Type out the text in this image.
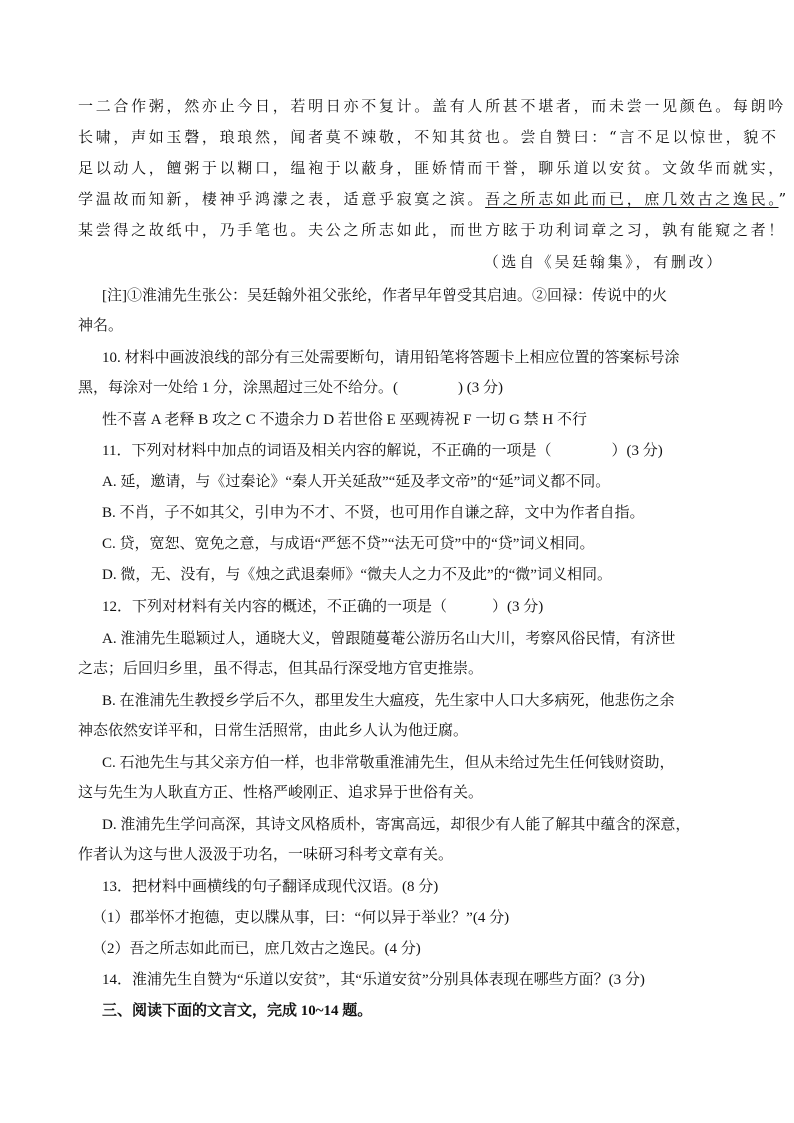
一二合作粥，然亦止今日，若明日亦不复计。盖有人所甚不堪者，而未尝一见颜色。每朗吟
长啸，声如玉磬，琅琅然，闻者莫不竦敬，不知其贫也。尝自赞曰：“言不足以惊世，貌不
足以动人，饘粥于以糊口，缊袍于以蔽身，匪娇情而干誉，聊乐道以安贫。文敛华而就实，
学温故而知新，棲神乎鸿濛之表，适意乎寂寞之滨。吾之所志如此而已，庶几效古之逸民。”
某尝得之故纸中，乃手笔也。夫公之所志如此，而世方眩于功利词章之习，孰有能窥之者！
（选自《吴廷翰集》，有删改）
[注]①淮浦先生张公：吴廷翰外祖父张纶，作者早年曾受其启迪。②回禄：传说中的火
神名。
10. 材料中画波浪线的部分有三处需要断句，请用铅笔将答题卡上相应位置的答案标号涂
黑，每涂对一处给 1 分，涂黑超过三处不给分。(　　　　) (3 分)
性不喜 A 老释 B 攻之 C 不遗余力 D 若世俗 E 巫觋祷祝 F 一切 G 禁 H 不行
11．下列对材料中加点的词语及相关内容的解说，不正确的一项是（　　　　）(3 分)
A. 延，邀请，与《过秦论》“秦人开关延敌”“延及孝文帝”的“延”词义都不同。
B. 不肖，子不如其父，引申为不才、不贤，也可用作自谦之辞，文中为作者自指。
C. 贷，宽恕、宽免之意，与成语“严惩不贷”“法无可贷”中的“贷”词义相同。
D. 微，无、没有，与《烛之武退秦师》“微夫人之力不及此”的“微”词义相同。
12．下列对材料有关内容的概述，不正确的一项是（　　　）(3 分)
A. 淮浦先生聪颖过人，通晓大义，曾跟随蔓菴公游历名山大川，考察风俗民情，有济世
之志；后回归乡里，虽不得志，但其品行深受地方官吏推崇。
B. 在淮浦先生教授乡学后不久，郡里发生大瘟疫，先生家中人口大多病死，他悲伤之余
神态依然安详平和，日常生活照常，由此乡人认为他迂腐。
C. 石池先生与其父亲方伯一样，也非常敬重淮浦先生，但从未给过先生任何钱财资助，
这与先生为人耿直方正、性格严峻刚正、追求异于世俗有关。
D. 淮浦先生学问高深，其诗文风格质朴，寄寓高远，却很少有人能了解其中蕴含的深意，
作者认为这与世人汲汲于功名，一味研习科考文章有关。
13．把材料中画横线的句子翻译成现代汉语。(8 分)
（1）郡举怀才抱德，吏以牒从事，曰：“何以异于举业？”(4 分)
（2）吾之所志如此而已，庶几效古之逸民。(4 分)
14．淮浦先生自赞为“乐道以安贫”，其“乐道安贫”分别具体表现在哪些方面？(3 分)
三、阅读下面的文言文，完成 10~14 题。
